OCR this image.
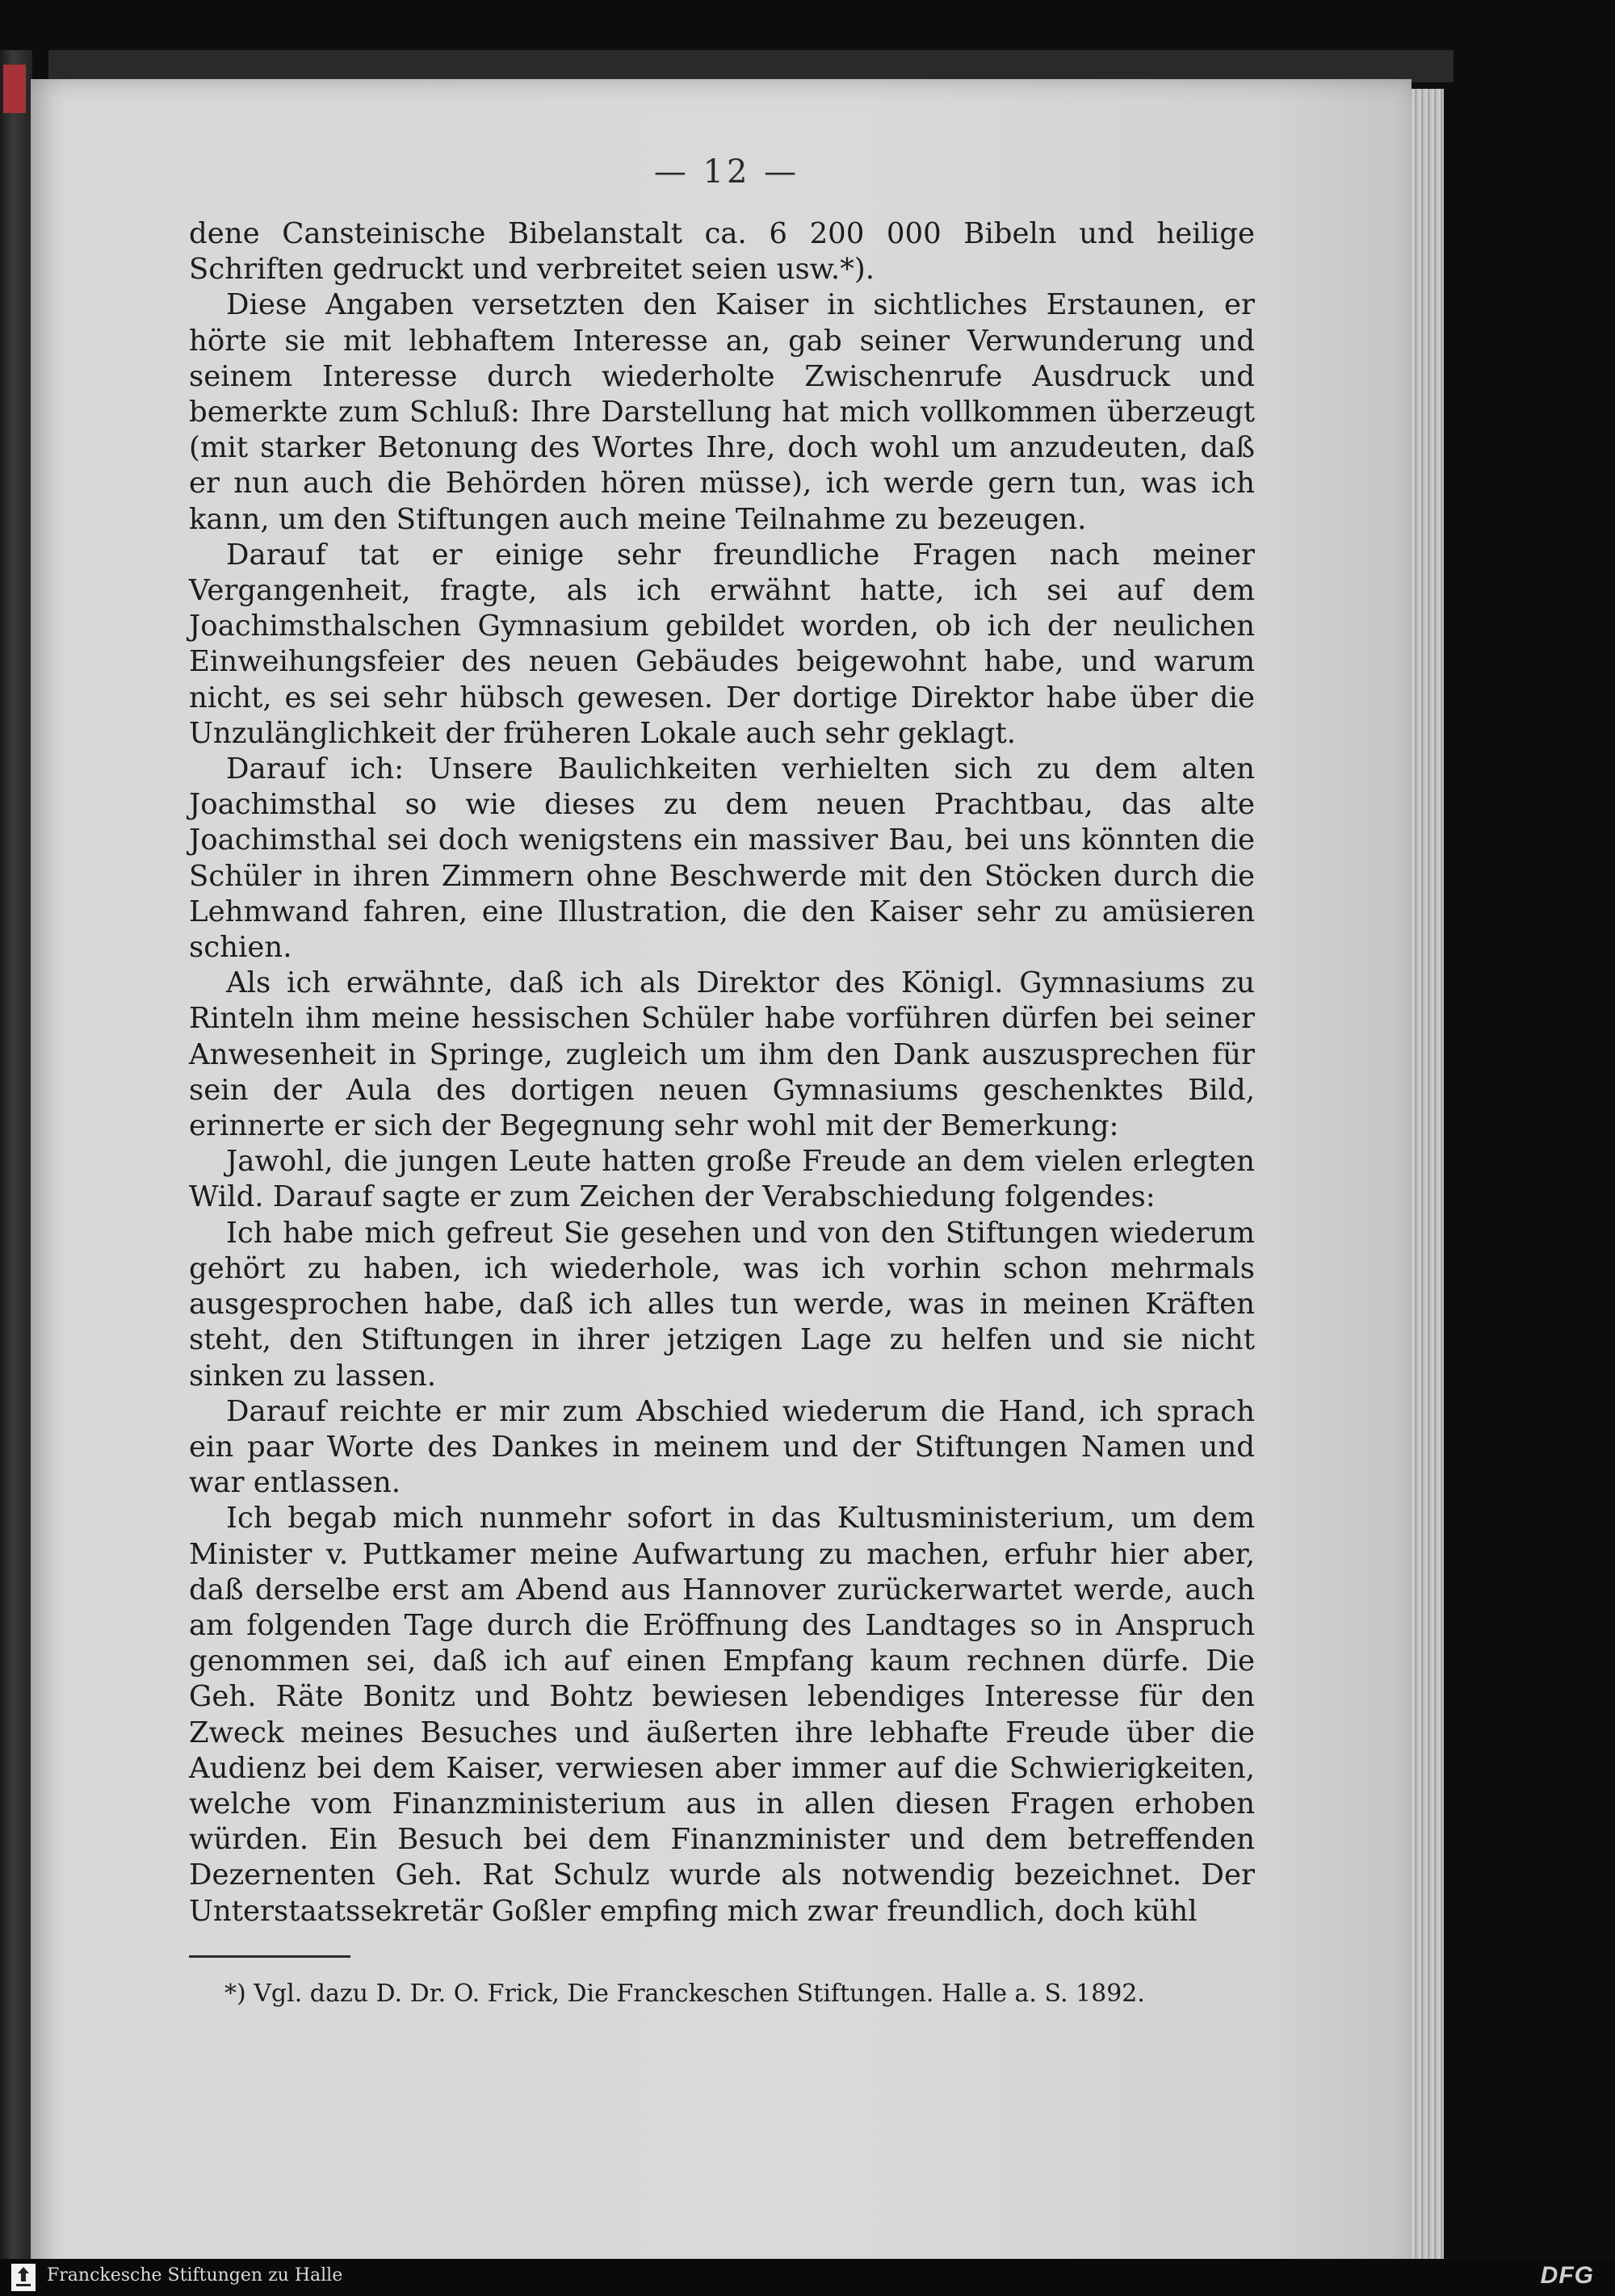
— 12 —

dene Cansteinische Bibelanstalt ca. 6 200 000 Bibeln und heilige Schriften gedruckt und verbreitet seien usw.*).

Diese Angaben versetzten den Kaiser in sichtliches Erstaunen, er hörte sie mit lebhaftem Interesse an, gab seiner Verwunderung und seinem Interesse durch wiederholte Zwischenrufe Ausdruck und bemerkte zum Schluß: Ihre Darstellung hat mich vollkommen überzeugt (mit starker Betonung des Wortes Ihre, doch wohl um anzudeuten, daß er nun auch die Behörden hören müsse), ich werde gern tun, was ich kann, um den Stiftungen auch meine Teilnahme zu bezeugen.

Darauf tat er einige sehr freundliche Fragen nach meiner Vergangenheit, fragte, als ich erwähnt hatte, ich sei auf dem Joachimsthalschen Gymnasium gebildet worden, ob ich der neulichen Einweihungsfeier des neuen Gebäudes beigewohnt habe, und warum nicht, es sei sehr hübsch gewesen. Der dortige Direktor habe über die Unzulänglichkeit der früheren Lokale auch sehr geklagt.

Darauf ich: Unsere Baulichkeiten verhielten sich zu dem alten Joachimsthal so wie dieses zu dem neuen Prachtbau, das alte Joachimsthal sei doch wenigstens ein massiver Bau, bei uns könnten die Schüler in ihren Zimmern ohne Beschwerde mit den Stöcken durch die Lehmwand fahren, eine Illustration, die den Kaiser sehr zu amüsieren schien.

Als ich erwähnte, daß ich als Direktor des Königl. Gymnasiums zu Rinteln ihm meine hessischen Schüler habe vorführen dürfen bei seiner Anwesenheit in Springe, zugleich um ihm den Dank auszusprechen für sein der Aula des dortigen neuen Gymnasiums geschenktes Bild, erinnerte er sich der Begegnung sehr wohl mit der Bemerkung:

Jawohl, die jungen Leute hatten große Freude an dem vielen erlegten Wild. Darauf sagte er zum Zeichen der Verabschiedung folgendes:

Ich habe mich gefreut Sie gesehen und von den Stiftungen wiederum gehört zu haben, ich wiederhole, was ich vorhin schon mehrmals ausgesprochen habe, daß ich alles tun werde, was in meinen Kräften steht, den Stiftungen in ihrer jetzigen Lage zu helfen und sie nicht sinken zu lassen.

Darauf reichte er mir zum Abschied wiederum die Hand, ich sprach ein paar Worte des Dankes in meinem und der Stiftungen Namen und war entlassen.

Ich begab mich nunmehr sofort in das Kultusministerium, um dem Minister v. Puttkamer meine Aufwartung zu machen, erfuhr hier aber, daß derselbe erst am Abend aus Hannover zurückerwartet werde, auch am folgenden Tage durch die Eröffnung des Landtages so in Anspruch genommen sei, daß ich auf einen Empfang kaum rechnen dürfe. Die Geh. Räte Bonitz und Bohtz bewiesen lebendiges Interesse für den Zweck meines Besuches und äußerten ihre lebhafte Freude über die Audienz bei dem Kaiser, verwiesen aber immer auf die Schwierigkeiten, welche vom Finanzministerium aus in allen diesen Fragen erhoben würden. Ein Besuch bei dem Finanzminister und dem betreffenden Dezernenten Geh. Rat Schulz wurde als notwendig bezeichnet. Der Unterstaatssekretär Goßler empfing mich zwar freundlich, doch kühl

*) Vgl. dazu D. Dr. O. Frick, Die Franckeschen Stiftungen. Halle a. S. 1892.
Franckesche Stiftungen zu Halle	DFG
